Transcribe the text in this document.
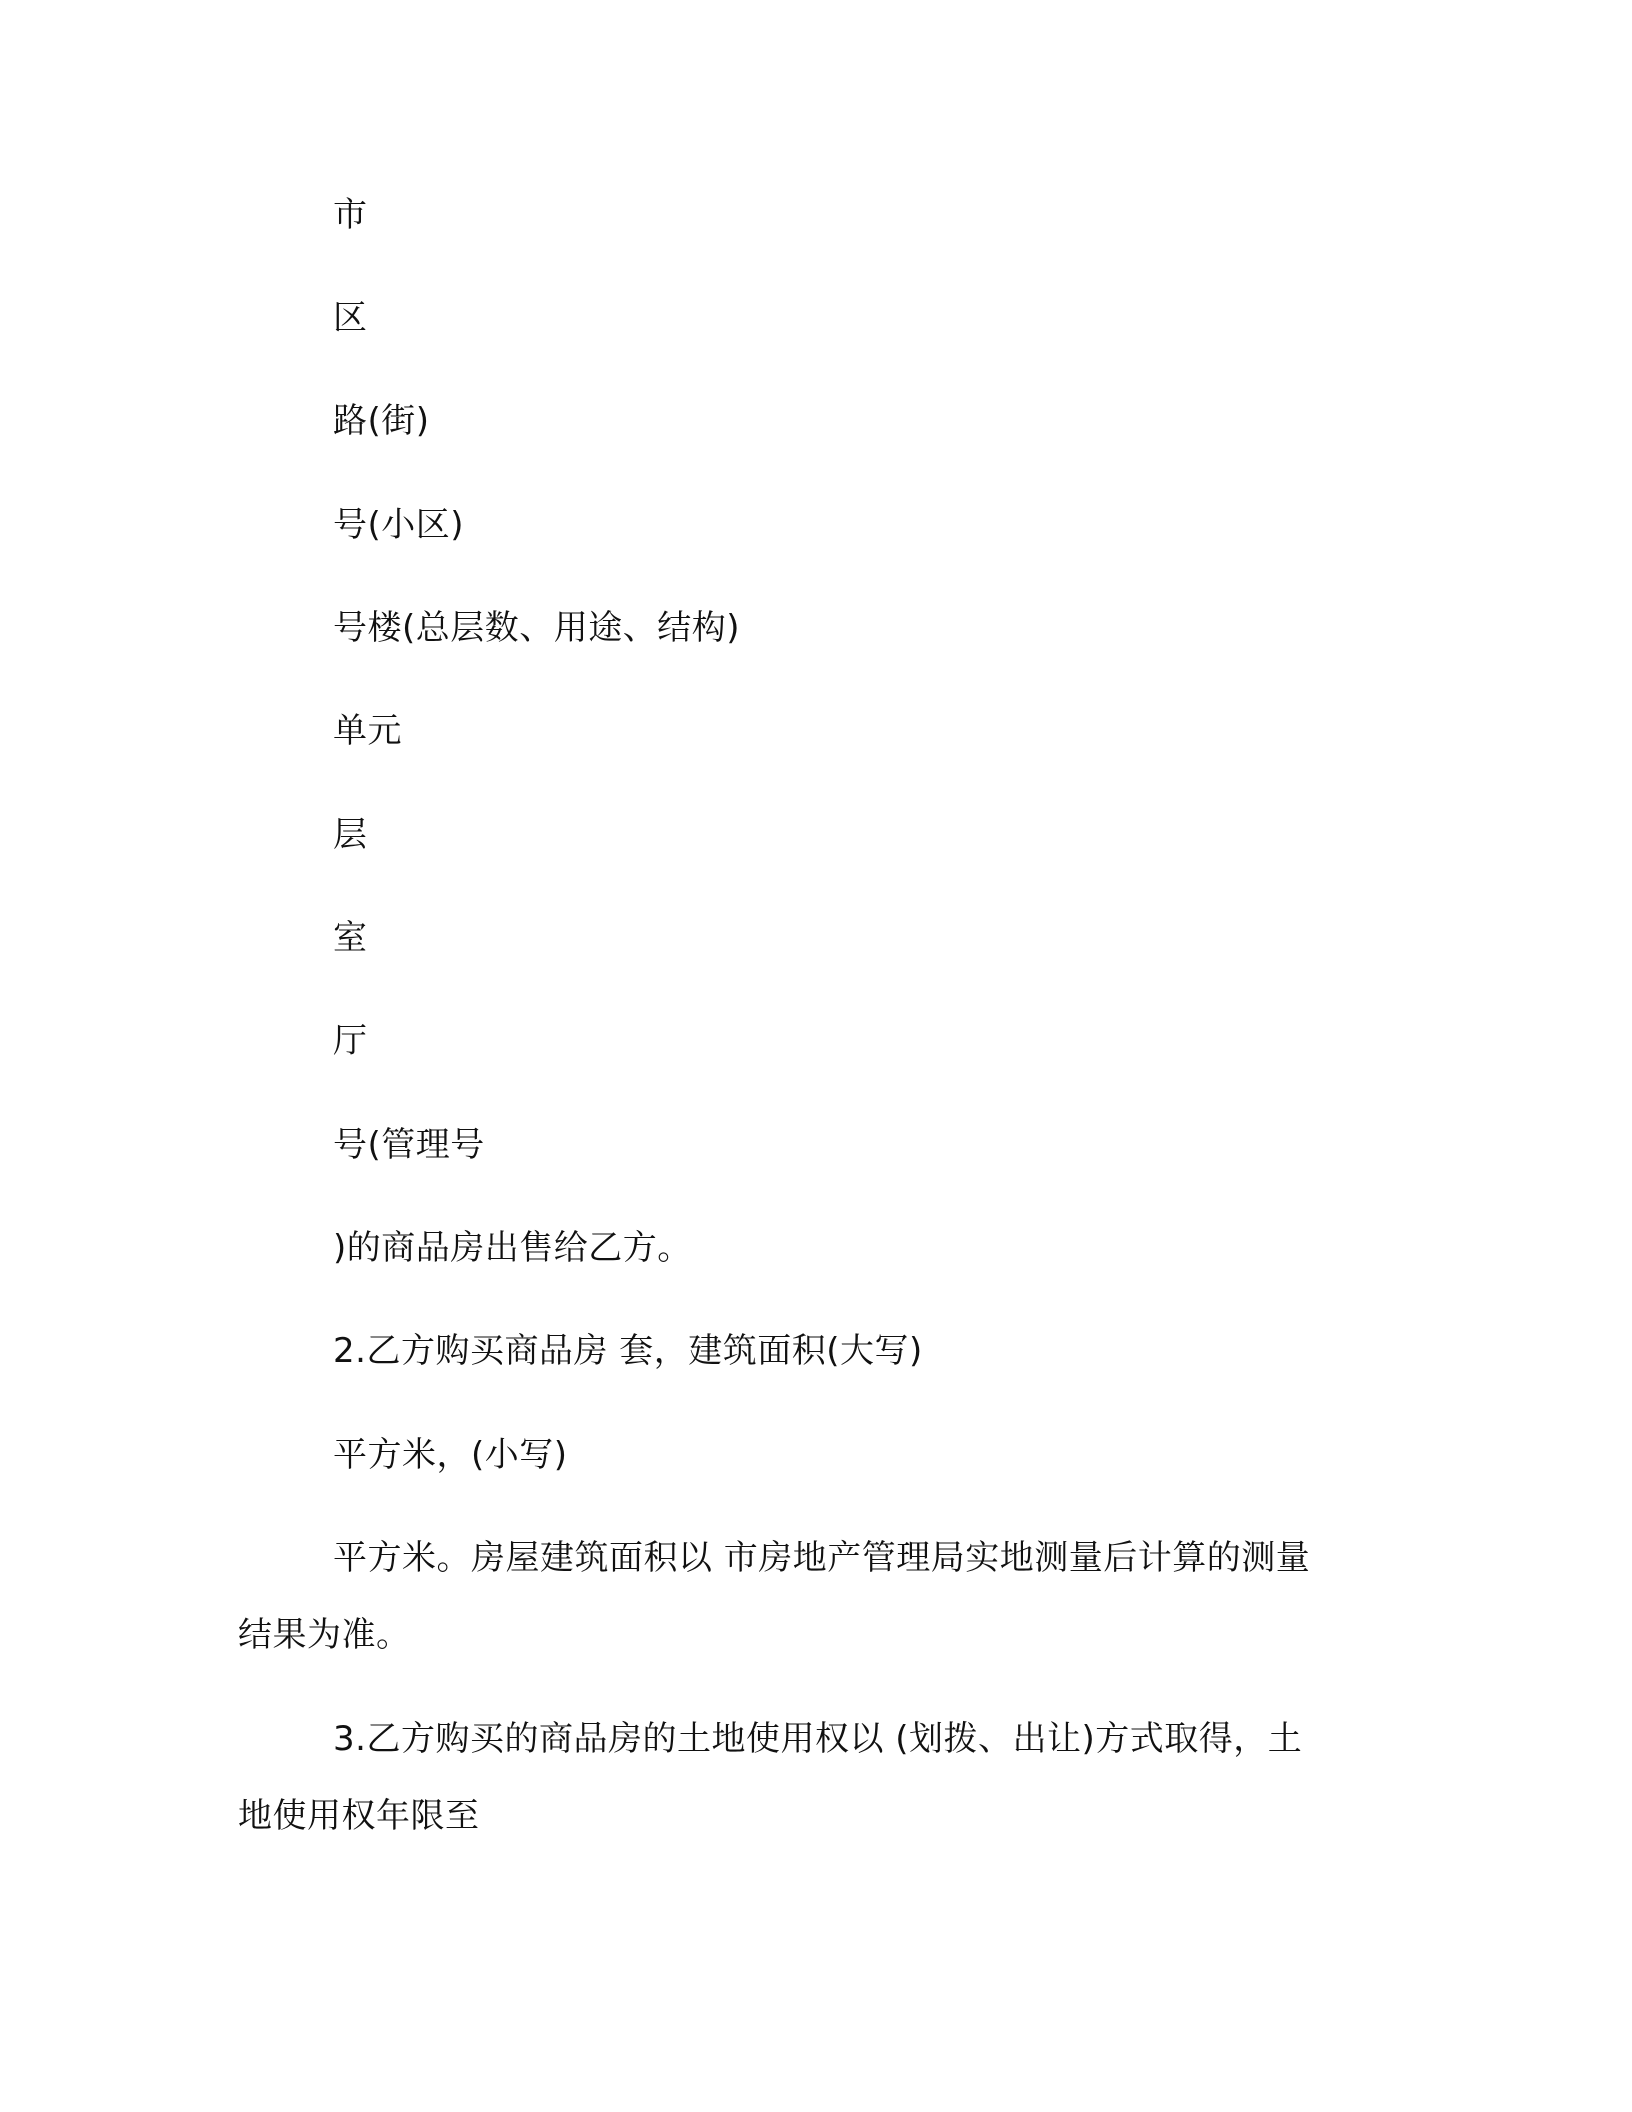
市
区
路(街)
号(小区)
号楼(总层数、用途、结构)
单元
层
室
厅
号(管理号
)的商品房出售给乙方。
2.乙方购买商品房 套，建筑面积(大写)
平方米，(小写)
平方米。房屋建筑面积以 市房地产管理局实地测量后计算的测量
结果为准。
3.乙方购买的商品房的土地使用权以 (划拨、出让)方式取得，土
地使用权年限至
